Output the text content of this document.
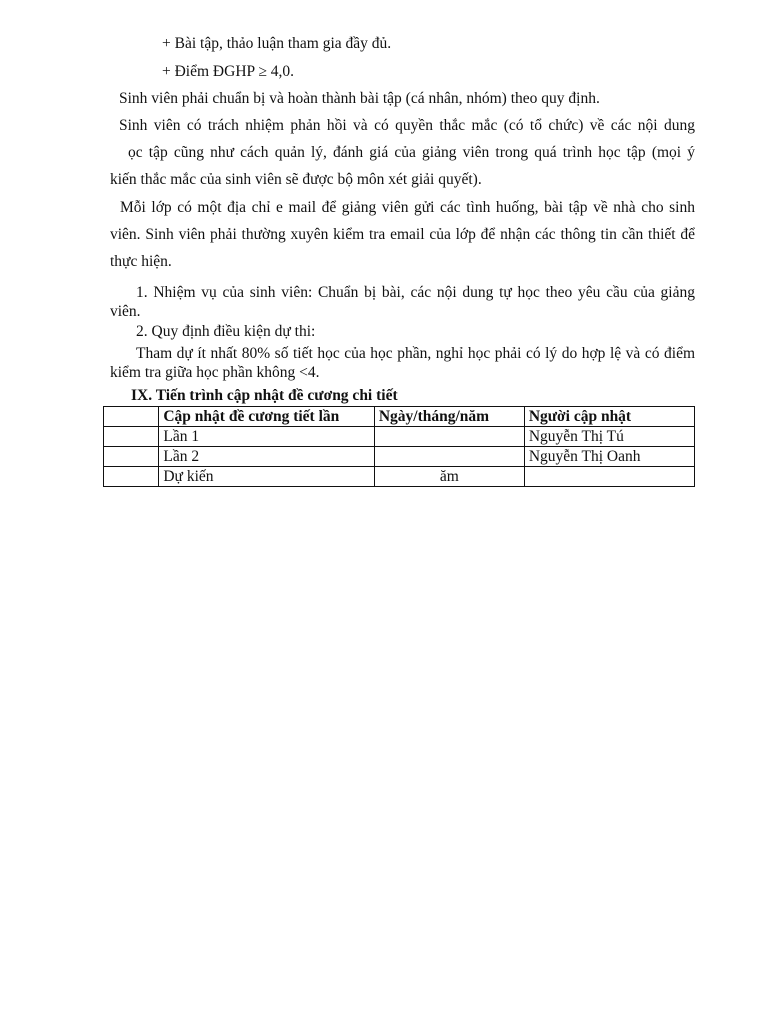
+ Bài tập, thảo luận tham gia đầy đủ.
+ Điểm ĐGHP ≥ 4,0.
Sinh viên phải chuẩn bị và hoàn thành bài tập (cá nhân, nhóm) theo quy định.
Sinh viên có trách nhiệm phản hồi và có quyền thắc mắc (có tổ chức) về các nội dung
ọc tập cũng như cách quản lý, đánh giá của giảng viên trong quá trình học tập (mọi ý
kiến thắc mắc của sinh viên sẽ được bộ môn xét giải quyết).
Mỗi lớp có một địa chỉ e mail để giảng viên gửi các tình huống, bài tập về nhà cho sinh viên. Sinh viên phải thường xuyên kiểm tra email của lớp để nhận các thông tin cần thiết để thực hiện.
1. Nhiệm vụ của sinh viên: Chuẩn bị bài, các nội dung tự học theo yêu cầu của giảng viên.
2. Quy định điều kiện dự thi:
Tham dự ít nhất 80% số tiết học của học phần, nghỉ học phải có lý do hợp lệ và có điểm kiểm tra giữa học phần không <4.
IX. Tiến trình cập nhật đề cương chi tiết
	Cập nhật đề cương tiết lần	Ngày/tháng/năm	Người cập nhật
	Lần 1		Nguyễn Thị Tú
	Lần 2		Nguyễn Thị Oanh
	Dự kiến	ăm	
